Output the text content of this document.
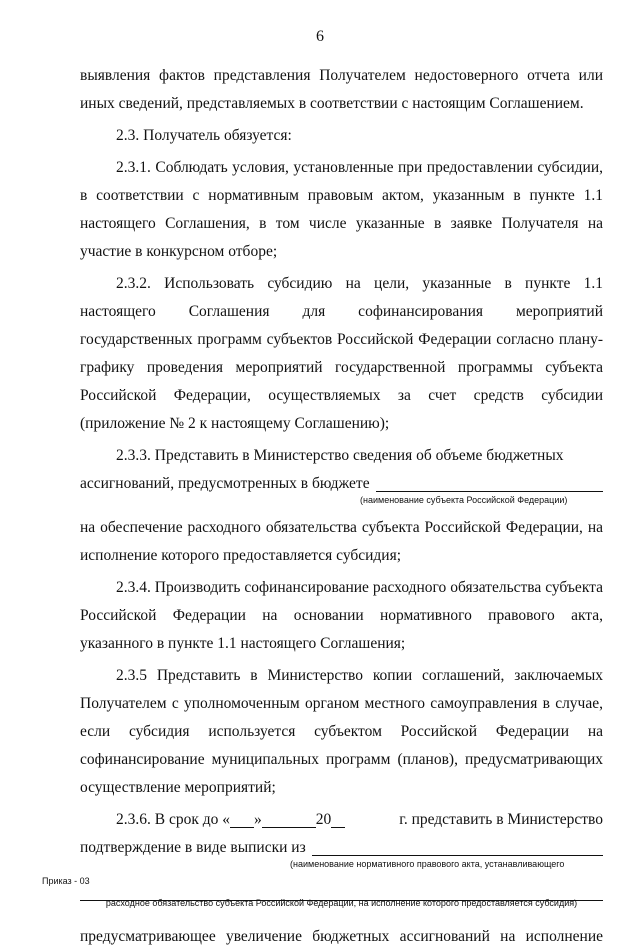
6

выявления фактов представления Получателем недостоверного отчета или иных сведений, представляемых в соответствии с настоящим Соглашением.

2.3. Получатель обязуется:

2.3.1. Соблюдать условия, установленные при предоставлении субсидии, в соответствии с нормативным правовым актом, указанным в пункте 1.1 настоящего Соглашения, в том числе указанные в заявке Получателя на участие в конкурсном отборе;

2.3.2. Использовать субсидию на цели, указанные в пункте 1.1 настоящего Соглашения для софинансирования мероприятий государственных программ субъектов Российской Федерации согласно плану-графику проведения мероприятий государственной программы субъекта Российской Федерации, осуществляемых за счет средств субсидии (приложение № 2 к настоящему Соглашению);

2.3.3. Представить в Министерство сведения об объеме бюджетных

ассигнований, предусмотренных в бюджете
(наименование субъекта Российской Федерации)

на обеспечение расходного обязательства субъекта Российской Федерации, на исполнение которого предоставляется субсидия;

2.3.4. Производить софинансирование расходного обязательства субъекта Российской Федерации на основании нормативного правового акта, указанного в пункте 1.1 настоящего Соглашения;

2.3.5 Представить в Министерство копии соглашений, заключаемых Получателем с уполномоченным органом местного самоуправления в случае, если субсидия используется субъектом Российской Федерации на софинансирование муниципальных программ (планов), предусматривающих осуществление мероприятий;

2.3.6. В срок до « »	20	г. представить в Министерство
подтверждение в виде выписки из
(наименование нормативного правового акта, устанавливающего
расходное обязательство субъекта Российской Федерации, на исполнение которого предоставляется субсидия)

предусматривающее увеличение бюджетных ассигнований на исполнение

Приказ - 03
